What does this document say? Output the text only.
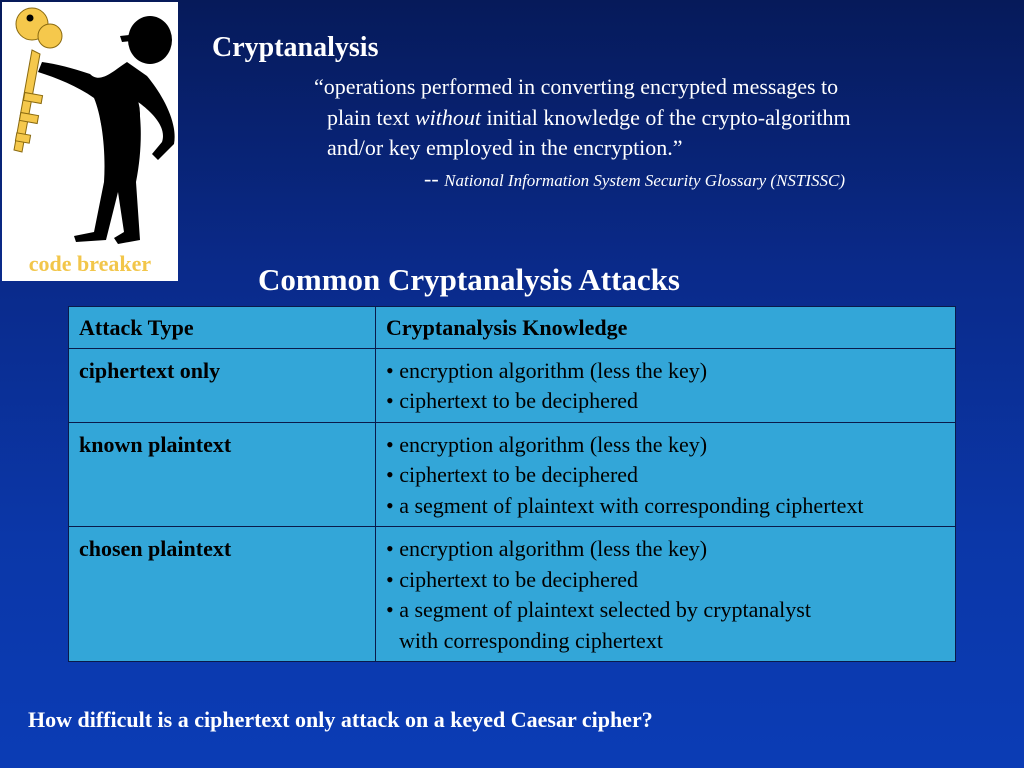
code breaker
Cryptanalysis
“operations performed in converting encrypted messages to
plain text without initial knowledge of the crypto-algorithm
and/or key employed in the encryption.”
-- National Information System Security Glossary (NSTISSC)
Common Cryptanalysis Attacks
Attack Type	Cryptanalysis Knowledge
ciphertext only	• encryption algorithm (less the key)
• ciphertext to be deciphered

known plaintext	• encryption algorithm (less the key)
• ciphertext to be deciphered
• a segment of plaintext with corresponding ciphertext

chosen plaintext	• encryption algorithm (less the key)
• ciphertext to be deciphered
• a segment of plaintext selected by cryptanalyst
with corresponding ciphertext
How difficult is a ciphertext only attack on a keyed Caesar cipher?
